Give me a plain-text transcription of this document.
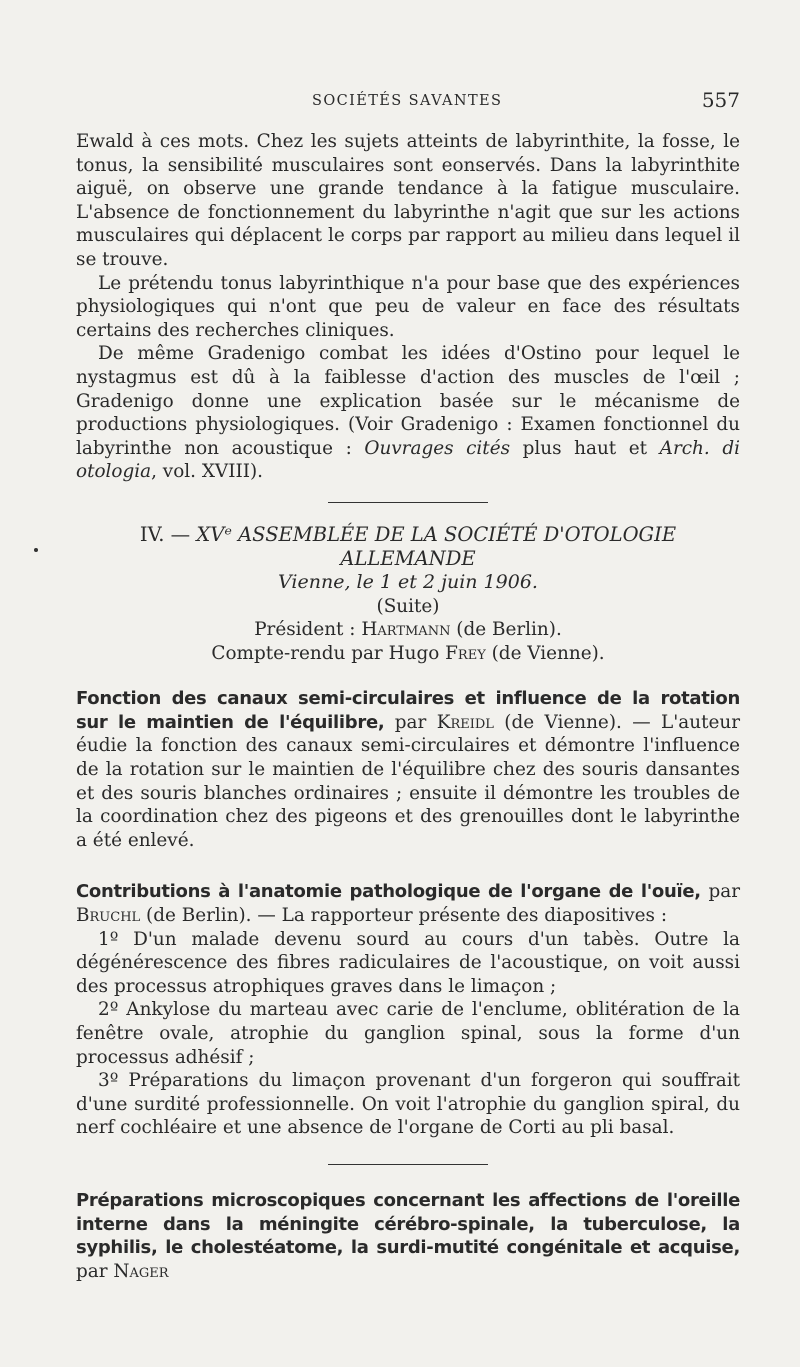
SOCIÉTÉS SAVANTES	557

Ewald à ces mots. Chez les sujets atteints de labyrinthite, la fosse, le tonus, la sensibilité musculaires sont eonservés. Dans la labyrinthite aiguë, on observe une grande tendance à la fatigue musculaire. L'absence de fonctionnement du labyrinthe n'agit que sur les actions musculaires qui déplacent le corps par rapport au milieu dans lequel il se trouve.

Le prétendu tonus labyrinthique n'a pour base que des expériences physiologiques qui n'ont que peu de valeur en face des résultats certains des recherches cliniques.

De même Gradenigo combat les idées d'Ostino pour lequel le nystagmus est dû à la faiblesse d'action des muscles de l'œil ; Gradenigo donne une explication basée sur le mécanisme de productions physiologiques. (Voir Gradenigo : Examen fonctionnel du labyrinthe non acoustique : Ouvrages cités plus haut et Arch. di otologia, vol. XVIII).

IV. — XVᵉ ASSEMBLÉE DE LA SOCIÉTÉ D'OTOLOGIE
ALLEMANDE

Vienne, le 1 et 2 juin 1906.

(Suite)

Président : Hartmann (de Berlin).

Compte-rendu par Hugo Frey (de Vienne).

Fonction des canaux semi-circulaires et influence de la rotation sur le maintien de l'équilibre, par Kreidl (de Vienne). — L'auteur éudie la fonction des canaux semi-circulaires et démontre l'influence de la rotation sur le maintien de l'équilibre chez des souris dansantes et des souris blanches ordinaires ; ensuite il démontre les troubles de la coordination chez des pigeons et des grenouilles dont le labyrinthe a été enlevé.

Contributions à l'anatomie pathologique de l'organe de l'ouïe, par Bruchl (de Berlin). — La rapporteur présente des diapositives :

1º D'un malade devenu sourd au cours d'un tabès. Outre la dégénérescence des fibres radiculaires de l'acoustique, on voit aussi des processus atrophiques graves dans le limaçon ;

2º Ankylose du marteau avec carie de l'enclume, oblitération de la fenêtre ovale, atrophie du ganglion spinal, sous la forme d'un processus adhésif ;

3º Préparations du limaçon provenant d'un forgeron qui souffrait d'une surdité professionnelle. On voit l'atrophie du ganglion spiral, du nerf cochléaire et une absence de l'organe de Corti au pli basal.

Préparations microscopiques concernant les affections de l'oreille interne dans la méningite cérébro-spinale, la tuberculose, la syphilis, le cholestéatome, la surdi-mutité congénitale et acquise, par Nager
